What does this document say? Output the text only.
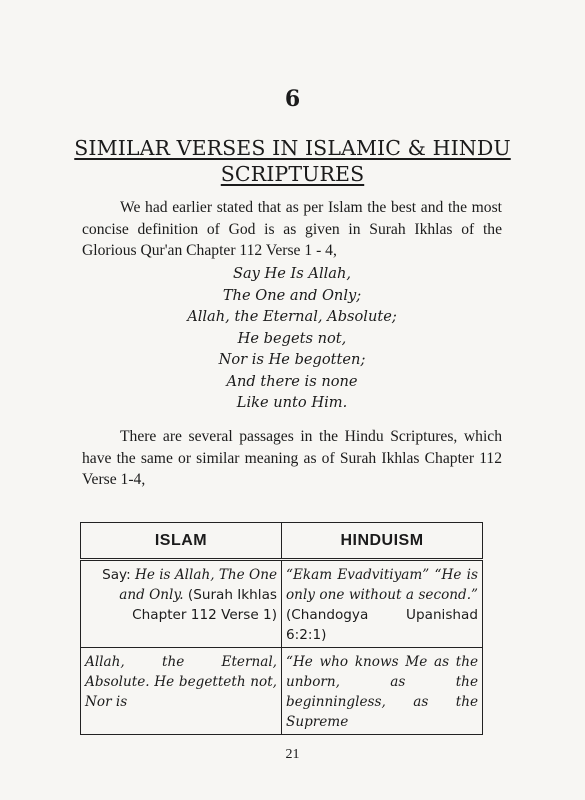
6
SIMILAR VERSES IN ISLAMIC & HINDU SCRIPTURES
We had earlier stated that as per Islam the best and the most concise definition of God is as given in Surah Ikhlas of the Glorious Qur'an Chapter 112 Verse 1 - 4,
Say He Is Allah,
The One and Only;
Allah, the Eternal, Absolute;
He begets not,
Nor is He begotten;
And there is none
Like unto Him.
There are several passages in the Hindu Scriptures, which have the same or similar meaning as of Surah Ikhlas Chapter 112 Verse 1-4,
ISLAM	HINDUISM
Say: He is Allah, The One and Only. (Surah Ikhlas Chapter 112 Verse 1)	“Ekam Evadvitiyam” “He is only one without a second.” (Chandogya Upanishad 6:2:1)
Allah, the Eternal, Absolute. He begetteth not, Nor is	“He who knows Me as the unborn, as the beginningless, as the Supreme
21
